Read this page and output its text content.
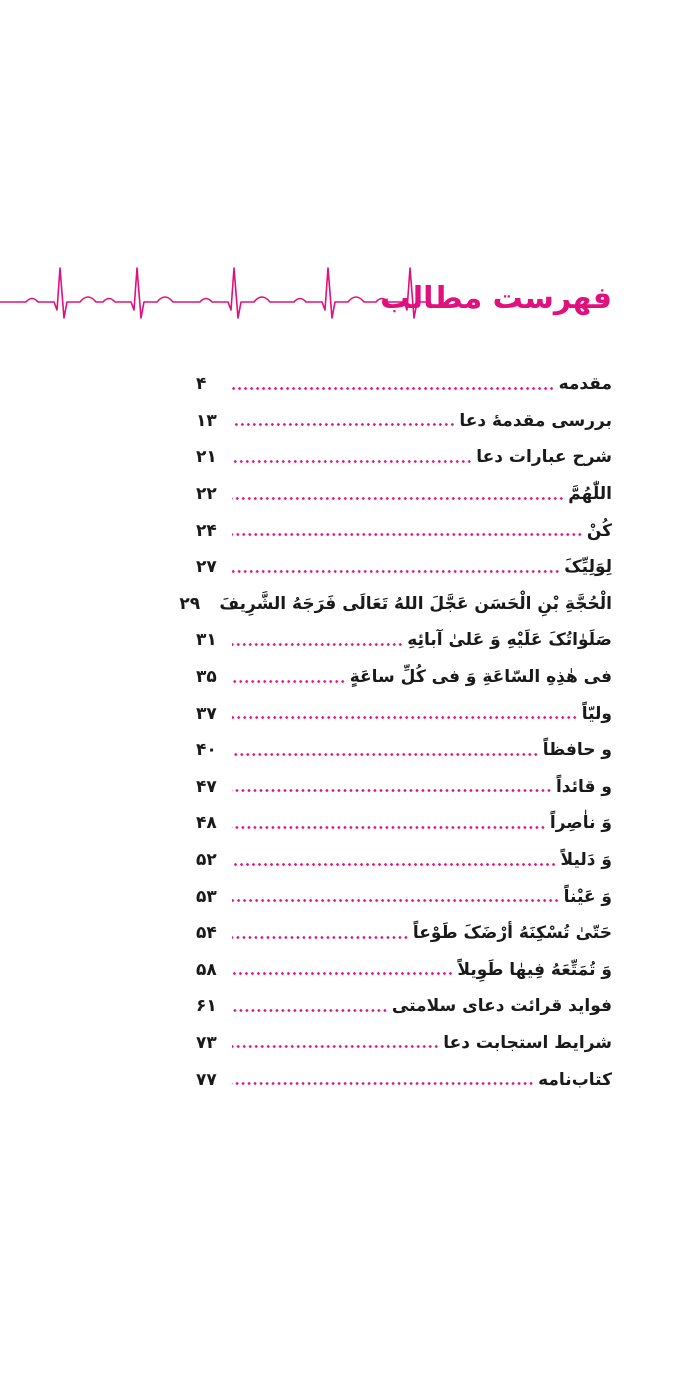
فهرست مطالب
مقدمه
۴
بررسی مقدمهٔ دعا
۱۳
شرح عبارات دعا
۲۱
اللّٰهُمَّ
۲۲
کُنْ
۲۴
لِوَلِیِّکَ
۲۷
الْحُجَّةِ بْنِ الْحَسَن عَجَّلَ اللهُ تَعَالَی فَرَجَهُ الشَّرِیفَ
۲۹
صَلَوٰاتُکَ عَلَیْهِ وَ عَلیٰ آبائِهِ
۳۱
فی هٰذِهِ السّاعَةِ وَ فی کُلِّ ساعَةٍ
۳۵
ولیّاً
۳۷
و حافظاً
۴۰
و قائداً
۴۷
وَ ناٰصِراً
۴۸
وَ دَلیلاً
۵۲
وَ عَیْناً
۵۳
حَتّیٰ تُسْکِنَهُ أرْضَکَ طَوْعاً
۵۴
وَ تُمَتِّعَهُ فِیهٰا طَوِیلاً
۵۸
فواید قرائت دعای سلامتی
۶۱
شرایط استجابت دعا
۷۳
کتاب‌نامه
۷۷
